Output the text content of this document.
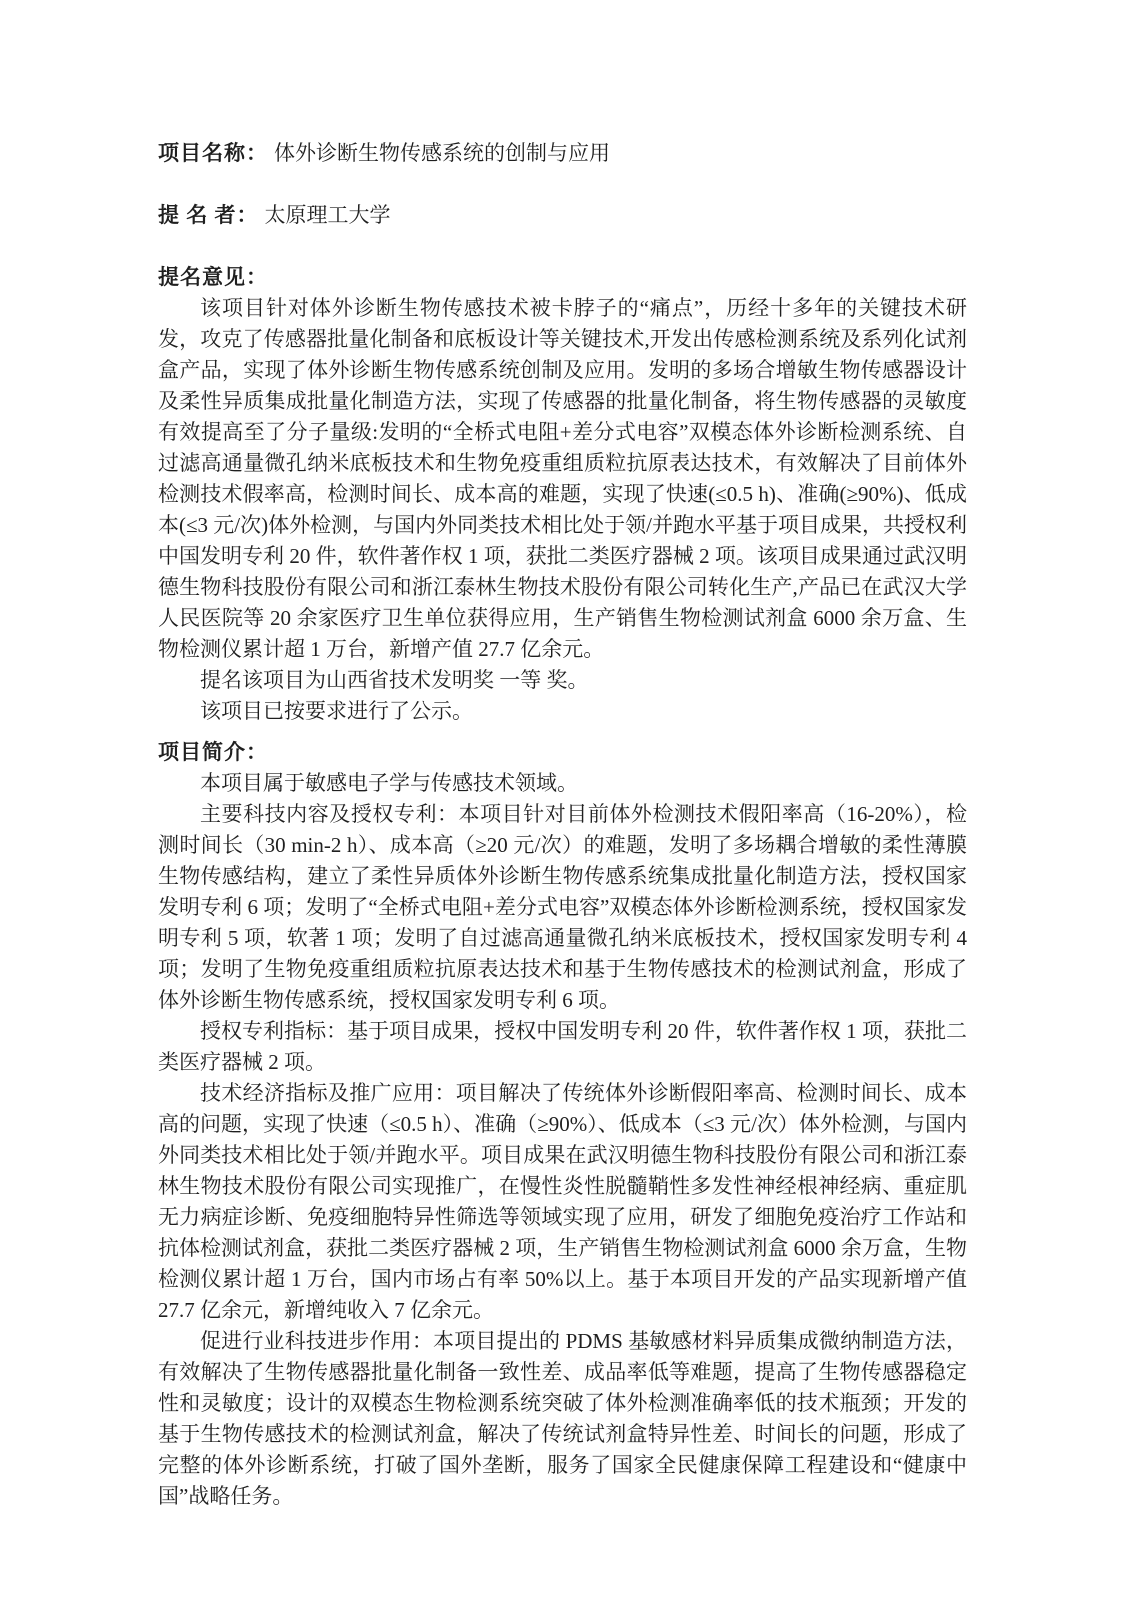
项目名称： 体外诊断生物传感系统的创制与应用
提 名 者： 太原理工大学
提名意见：

该项目针对体外诊断生物传感技术被卡脖子的“痛点”，历经十多年的关键技术研发，攻克了传感器批量化制备和底板设计等关键技术,开发出传感检测系统及系列化试剂盒产品，实现了体外诊断生物传感系统创制及应用。发明的多场合增敏生物传感器设计及柔性异质集成批量化制造方法，实现了传感器的批量化制备，将生物传感器的灵敏度有效提高至了分子量级:发明的“全桥式电阻+差分式电容”双模态体外诊断检测系统、自过滤高通量微孔纳米底板技术和生物免疫重组质粒抗原表达技术，有效解决了目前体外检测技术假率高，检测时间长、成本高的难题，实现了快速(≤0.5 h)、准确(≥90%)、低成本(≤3 元/次)体外检测，与国内外同类技术相比处于领/并跑水平基于项目成果，共授权利中国发明专利 20 件，软件著作权 1 项，获批二类医疗器械 2 项。该项目成果通过武汉明德生物科技股份有限公司和浙江泰林生物技术股份有限公司转化生产,产品已在武汉大学人民医院等 20 余家医疗卫生单位获得应用，生产销售生物检测试剂盒 6000 余万盒、生物检测仪累计超 1 万台，新增产值 27.7 亿余元。

提名该项目为山西省技术发明奖 一等 奖。

该项目已按要求进行了公示。

项目简介：

本项目属于敏感电子学与传感技术领域。

主要科技内容及授权专利：本项目针对目前体外检测技术假阳率高（16-20%），检测时间长（30 min-2 h）、成本高（≥20 元/次）的难题，发明了多场耦合增敏的柔性薄膜生物传感结构，建立了柔性异质体外诊断生物传感系统集成批量化制造方法，授权国家发明专利 6 项；发明了“全桥式电阻+差分式电容”双模态体外诊断检测系统，授权国家发明专利 5 项，软著 1 项；发明了自过滤高通量微孔纳米底板技术，授权国家发明专利 4 项；发明了生物免疫重组质粒抗原表达技术和基于生物传感技术的检测试剂盒，形成了体外诊断生物传感系统，授权国家发明专利 6 项。

授权专利指标：基于项目成果，授权中国发明专利 20 件，软件著作权 1 项，获批二类医疗器械 2 项。

技术经济指标及推广应用：项目解决了传统体外诊断假阳率高、检测时间长、成本高的问题，实现了快速（≤0.5 h）、准确（≥90%）、低成本（≤3 元/次）体外检测，与国内外同类技术相比处于领/并跑水平。项目成果在武汉明德生物科技股份有限公司和浙江泰林生物技术股份有限公司实现推广，在慢性炎性脱髓鞘性多发性神经根神经病、重症肌无力病症诊断、免疫细胞特异性筛选等领域实现了应用，研发了细胞免疫治疗工作站和抗体检测试剂盒，获批二类医疗器械 2 项，生产销售生物检测试剂盒 6000 余万盒，生物检测仪累计超 1 万台，国内市场占有率 50%以上。基于本项目开发的产品实现新增产值 27.7 亿余元，新增纯收入 7 亿余元。

促进行业科技进步作用：本项目提出的 PDMS 基敏感材料异质集成微纳制造方法，有效解决了生物传感器批量化制备一致性差、成品率低等难题，提高了生物传感器稳定性和灵敏度；设计的双模态生物检测系统突破了体外检测准确率低的技术瓶颈；开发的基于生物传感技术的检测试剂盒，解决了传统试剂盒特异性差、时间长的问题，形成了完整的体外诊断系统，打破了国外垄断，服务了国家全民健康保障工程建设和“健康中国”战略任务。
